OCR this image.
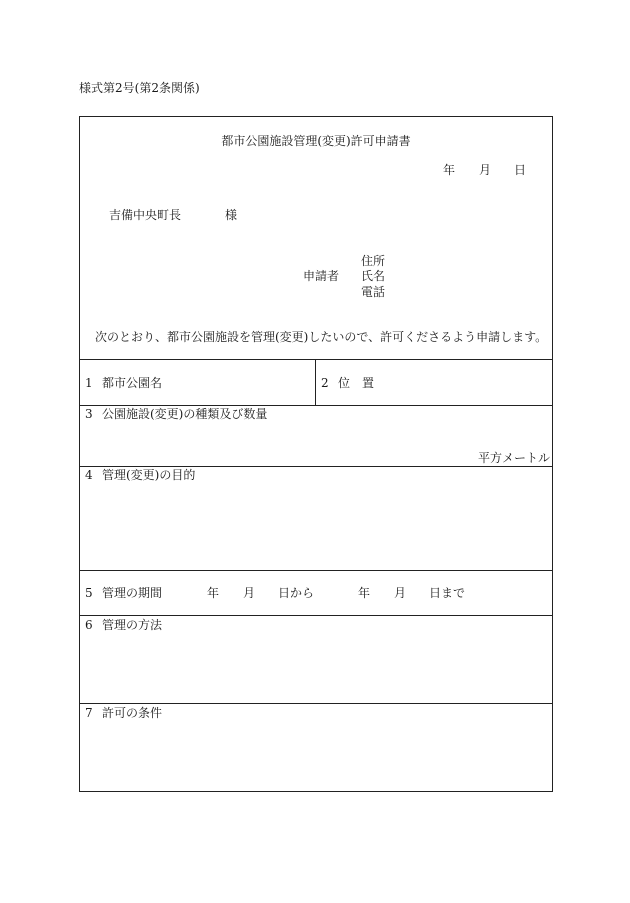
様式第2号(第2条関係)
都市公園施設管理(変更)許可申請書
年 月 日
吉備中央町長	様
住所
申請者 氏名
電話
次のとおり、都市公園施設を管理(変更)したいので、許可くださるよう申請します。
1 都市公園名	2 位　置
3 公園施設(変更)の種類及び数量
平方メートル
4 管理(変更)の目的
5 管理の期間	年 月 日から	年 月 日まで
6 管理の方法
7 許可の条件
